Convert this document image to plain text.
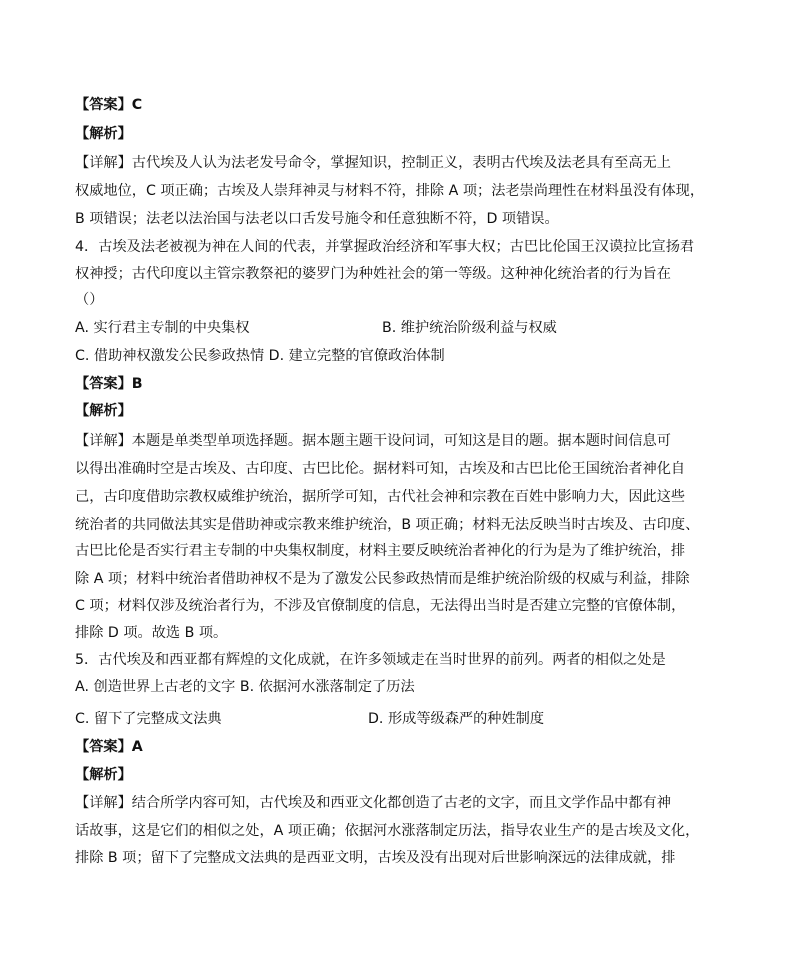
【答案】C
【解析】
【详解】古代埃及人认为法老发号命令，掌握知识，控制正义，表明古代埃及法老具有至高无上
权威地位，C 项正确；古埃及人崇拜神灵与材料不符，排除 A 项；法老崇尚理性在材料虽没有体现，
B 项错误；法老以法治国与法老以口舌发号施令和任意独断不符，D 项错误。
4．古埃及法老被视为神在人间的代表，并掌握政治经济和军事大权；古巴比伦国王汉谟拉比宣扬君
权神授；古代印度以主管宗教祭祀的婆罗门为种姓社会的第一等级。这种神化统治者的行为旨在
（）
A. 实行君主专制的中央集权	B. 维护统治阶级利益与权威
C. 借助神权激发公民参政热情 D. 建立完整的官僚政治体制
【答案】B
【解析】
【详解】本题是单类型单项选择题。据本题主题干设问词，可知这是目的题。据本题时间信息可
以得出准确时空是古埃及、古印度、古巴比伦。据材料可知，古埃及和古巴比伦王国统治者神化自
己，古印度借助宗教权威维护统治，据所学可知，古代社会神和宗教在百姓中影响力大，因此这些
统治者的共同做法其实是借助神或宗教来维护统治，B 项正确；材料无法反映当时古埃及、古印度、
古巴比伦是否实行君主专制的中央集权制度，材料主要反映统治者神化的行为是为了维护统治，排
除 A 项；材料中统治者借助神权不是为了激发公民参政热情而是维护统治阶级的权威与利益，排除
C 项；材料仅涉及统治者行为，不涉及官僚制度的信息，无法得出当时是否建立完整的官僚体制，
排除 D 项。故选 B 项。
5．古代埃及和西亚都有辉煌的文化成就，在许多领域走在当时世界的前列。两者的相似之处是
A. 创造世界上古老的文字 B. 依据河水涨落制定了历法
C. 留下了完整成文法典	D. 形成等级森严的种姓制度
【答案】A
【解析】
【详解】结合所学内容可知，古代埃及和西亚文化都创造了古老的文字，而且文学作品中都有神
话故事，这是它们的相似之处，A 项正确；依据河水涨落制定历法，指导农业生产的是古埃及文化，
排除 B 项；留下了完整成文法典的是西亚文明，古埃及没有出现对后世影响深远的法律成就，排
